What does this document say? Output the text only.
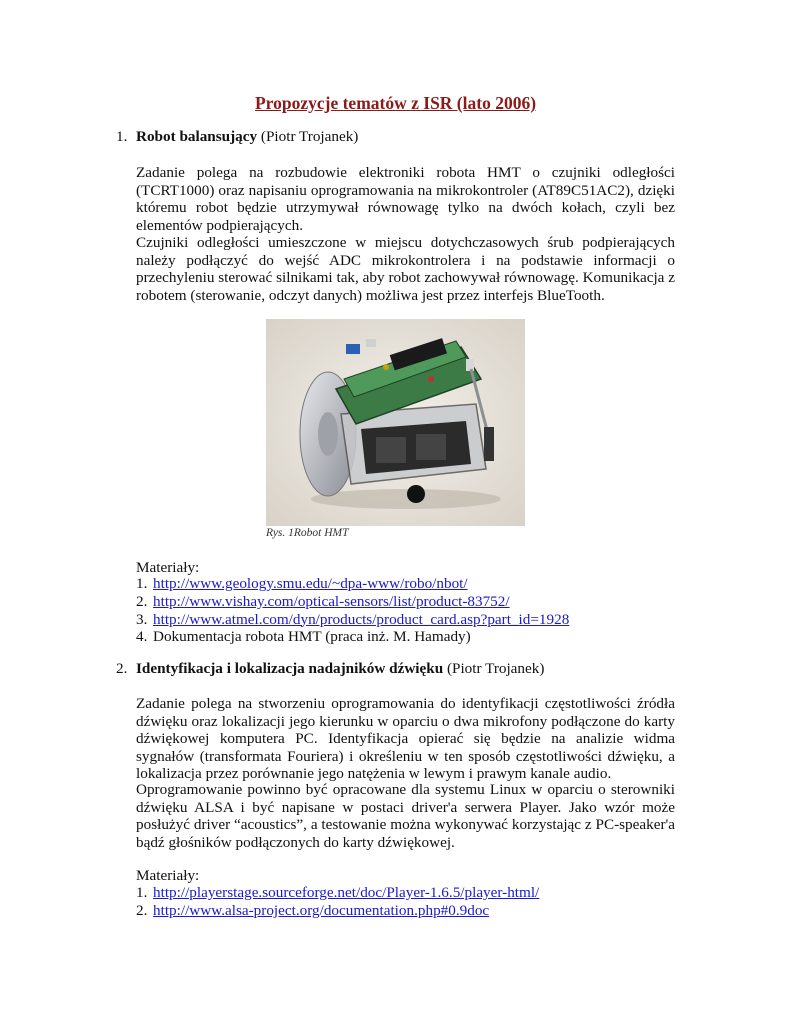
Propozycje tematów z ISR (lato 2006)
1. Robot balansujący (Piotr Trojanek)

Zadanie polega na rozbudowie elektroniki robota HMT o czujniki odległości (TCRT1000) oraz napisaniu oprogramowania na mikrokontroler (AT89C51AC2), dzięki któremu robot będzie utrzymywał równowagę tylko na dwóch kołach, czyli bez elementów podpierających.

Czujniki odległości umieszczone w miejscu dotychczasowych śrub podpierających należy podłączyć do wejść ADC mikrokontrolera i na podstawie informacji o przechyleniu sterować silnikami tak, aby robot zachowywał równowagę. Komunikacja z robotem (sterowanie, odczyt danych) możliwa jest przez interfejs BlueTooth.

Rys. 1Robot HMT
Materiały:
1. http://www.geology.smu.edu/~dpa-www/robo/nbot/
2. http://www.vishay.com/optical-sensors/list/product-83752/
3. http://www.atmel.com/dyn/products/product_card.asp?part_id=1928
4. Dokumentacja robota HMT (praca inż. M. Hamady)
2. Identyfikacja i lokalizacja nadajników dźwięku (Piotr Trojanek)

Zadanie polega na stworzeniu oprogramowania do identyfikacji częstotliwości źródła dźwięku oraz lokalizacji jego kierunku w oparciu o dwa mikrofony podłączone do karty dźwiękowej komputera PC. Identyfikacja opierać się będzie na analizie widma sygnałów (transformata Fouriera) i określeniu w ten sposób częstotliwości dźwięku, a lokalizacja przez porównanie jego natężenia w lewym i prawym kanale audio.

Oprogramowanie powinno być opracowane dla systemu Linux w oparciu o sterowniki dźwięku ALSA i być napisane w postaci driver'a serwera Player. Jako wzór może posłużyć driver “acoustics”, a testowanie można wykonywać korzystając z PC-speaker'a bądź głośników podłączonych do karty dźwiękowej.

Materiały:
1. http://playerstage.sourceforge.net/doc/Player-1.6.5/player-html/
2. http://www.alsa-project.org/documentation.php#0.9doc
